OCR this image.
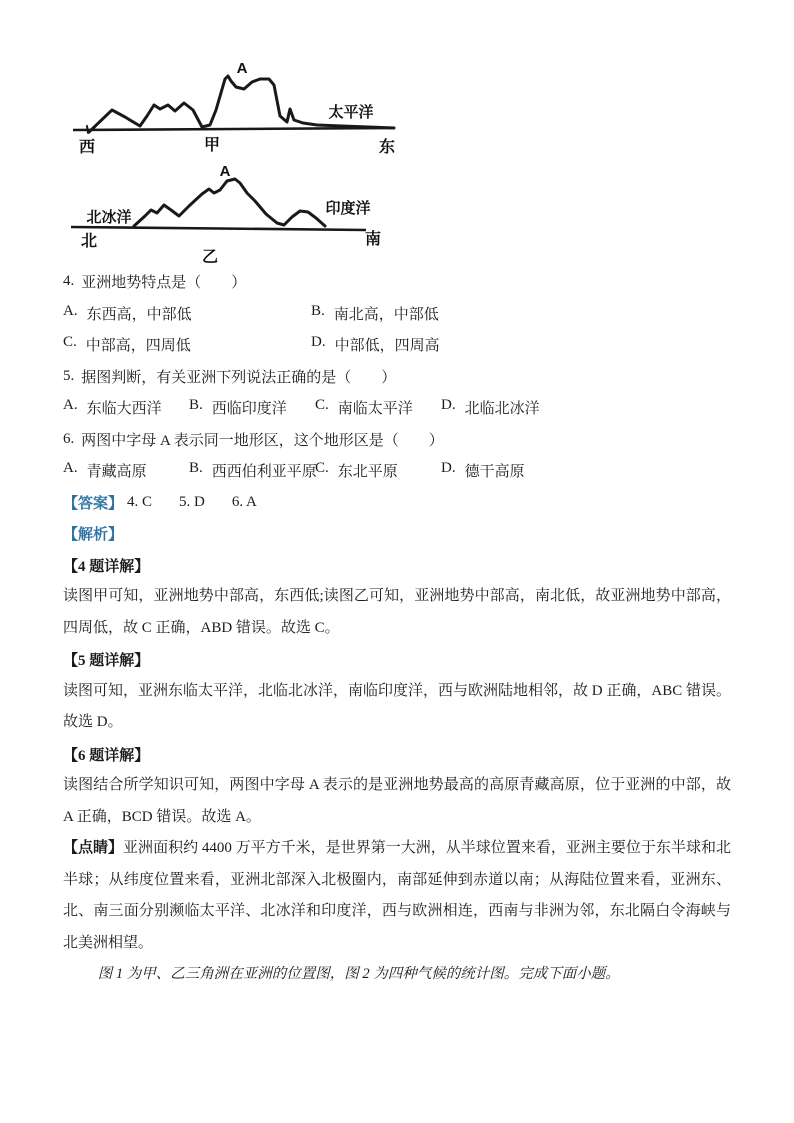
A
太平洋
西	甲	东
A
北冰洋
印度洋
北
乙
南
4. 亚洲地势特点是（　　）
A. 东西高，中部低	B. 南北高，中部低
C. 中部高，四周低	D. 中部低，四周高
5. 据图判断，有关亚洲下列说法正确的是（　　）
A. 东临大西洋 B. 西临印度洋 C. 南临太平洋 D. 北临北冰洋
6. 两图中字母 A 表示同一地形区，这个地形区是（　　）
A. 青藏高原	B. 西西伯利亚平原
C. 东北平原	D. 德干高原
【答案】 4. C 5. D 6. A
【解析】
【4 题详解】

读图甲可知，亚洲地势中部高，东西低;读图乙可知，亚洲地势中部高，南北低，故亚洲地势中部高，四周低，故 C 正确，ABD 错误。故选 C。

【5 题详解】

读图可知，亚洲东临太平洋，北临北冰洋，南临印度洋，西与欧洲陆地相邻，故 D 正确，ABC 错误。故选 D。

【6 题详解】

读图结合所学知识可知，两图中字母 A 表示的是亚洲地势最高的高原青藏高原，位于亚洲的中部，故 A 正确，BCD 错误。故选 A。

【点睛】亚洲面积约 4400 万平方千米，是世界第一大洲，从半球位置来看，亚洲主要位于东半球和北半球；从纬度位置来看，亚洲北部深入北极圈内，南部延伸到赤道以南；从海陆位置来看，亚洲东、北、南三面分别濒临太平洋、北冰洋和印度洋，西与欧洲相连，西南与非洲为邻，东北隔白令海峡与北美洲相望。

图 1 为甲、乙三角洲在亚洲的位置图，图 2 为四种气候的统计图。完成下面小题。
